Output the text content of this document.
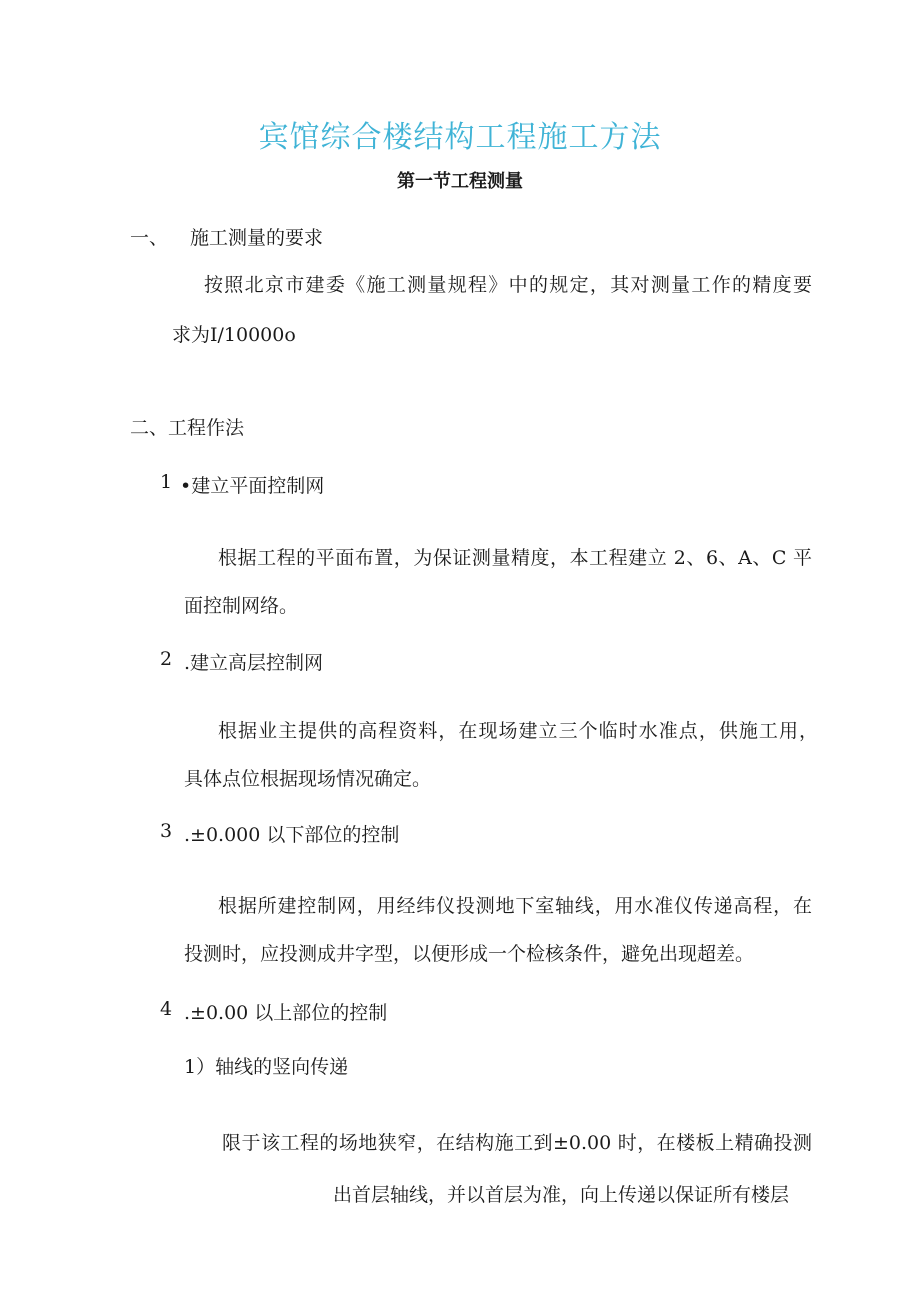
宾馆综合楼结构工程施工方法
第一节工程测量
一、 施工测量的要求
按照北京市建委《施工测量规程》中的规定，其对测量工作的精度要
求为I/10000o
二、工程作法
1 •建立平面控制网
根据工程的平面布置，为保证测量精度，本工程建立 2、6、A、C 平
面控制网络。
2 .建立高层控制网
根据业主提供的高程资料，在现场建立三个临时水准点，供施工用，
具体点位根据现场情况确定。
3 .±0.000 以下部位的控制
根据所建控制网，用经纬仪投测地下室轴线，用水准仪传递高程，在
投测时，应投测成井字型，以便形成一个检核条件，避免出现超差。
4 .±0.00 以上部位的控制
1）轴线的竖向传递
限于该工程的场地狭窄，在结构施工到±0.00 时，在楼板上精确投测
出首层轴线，并以首层为准，向上传递以保证所有楼层
